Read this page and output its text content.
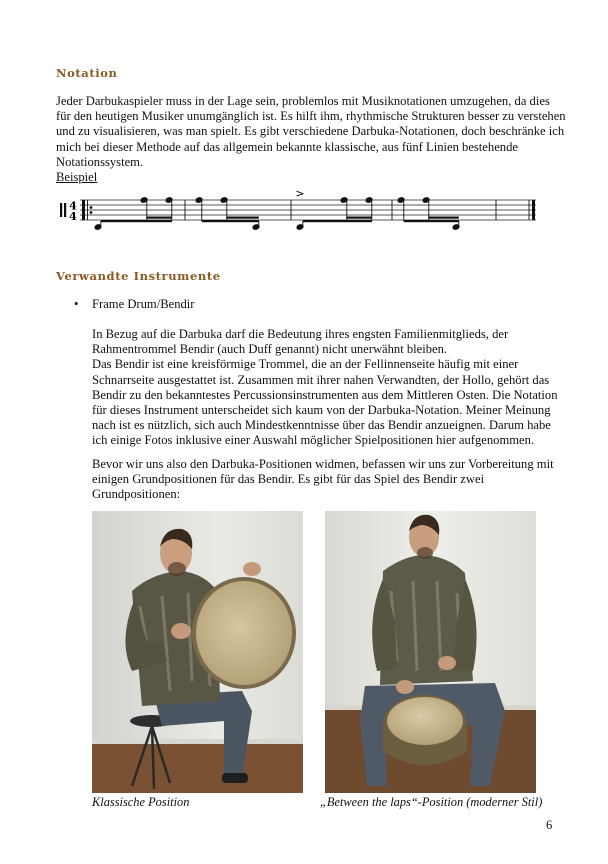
Notation
Jeder Darbukaspieler muss in der Lage sein, problemlos mit Musiknotationen umzugehen, da dies
für den heutigen Musiker unumgänglich ist. Es hilft ihm, rhythmische Strukturen besser zu verstehen
und zu visualisieren, was man spielt. Es gibt verschiedene Darbuka-Notationen, doch beschränke ich
mich bei dieser Methode auf das allgemein bekannte klassische, aus fünf Linien bestehende
Notationssystem.
Beispiel
4
4
>
Verwandte Instrumente
• Frame Drum/Bendir
In Bezug auf die Darbuka darf die Bedeutung ihres engsten Familienmitglieds, der
Rahmentrommel Bendir (auch Duff genannt) nicht unerwähnt bleiben.
Das Bendir ist eine kreisförmige Trommel, die an der Fellinnenseite häufig mit einer
Schnarrseite ausgestattet ist. Zusammen mit ihrer nahen Verwandten, der Hollo, gehört das
Bendir zu den bekanntestes Percussionsinstrumenten aus dem Mittleren Osten. Die Notation
für dieses Instrument unterscheidet sich kaum von der Darbuka-Notation. Meiner Meinung
nach ist es nützlich, sich auch Mindestkenntnisse über das Bendir anzueignen. Darum habe
ich einige Fotos inklusive einer Auswahl möglicher Spielpositionen hier aufgenommen.
Bevor wir uns also den Darbuka-Positionen widmen, befassen wir uns zur Vorbereitung mit
einigen Grundpositionen für das Bendir. Es gibt für das Spiel des Bendir zwei
Grundpositionen:
Klassische Position	„Between the laps“-Position (moderner Stil)
6
